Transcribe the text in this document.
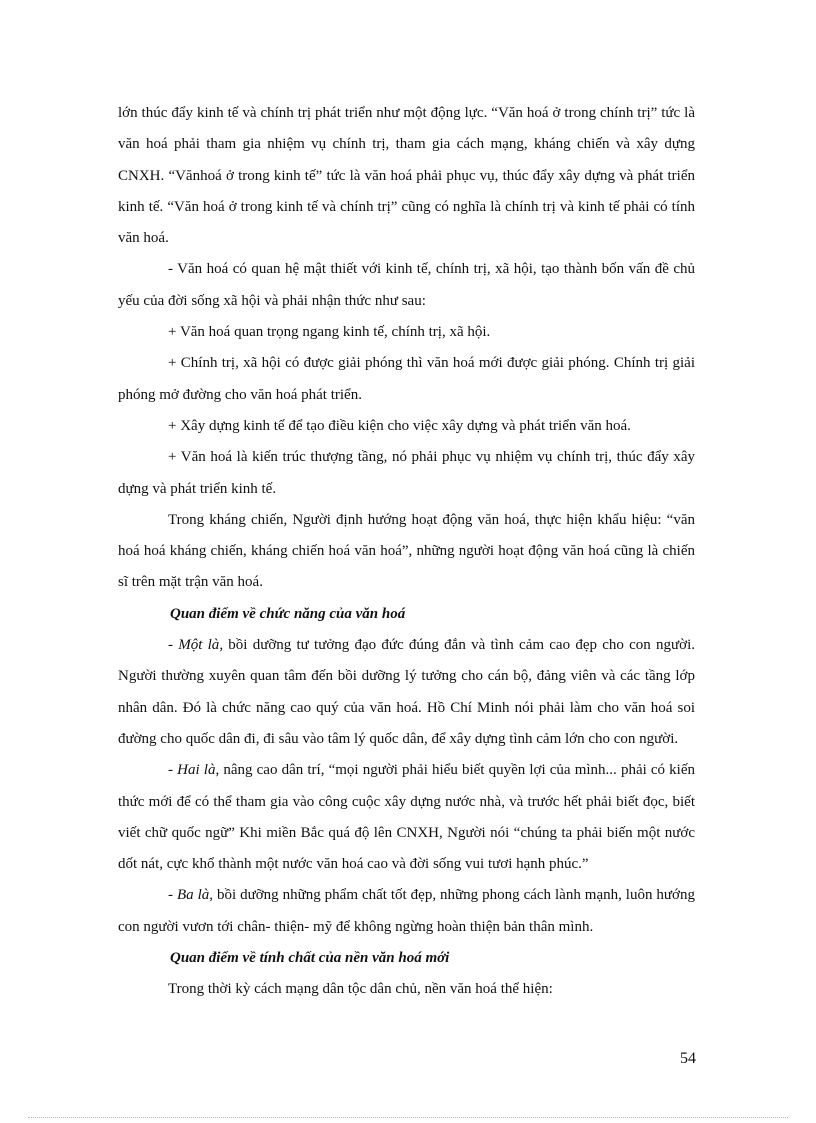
lớn thúc đẩy kinh tế và chính trị phát triển như một động lực. “Văn hoá ở trong chính trị” tức là văn hoá phải tham gia nhiệm vụ chính trị, tham gia cách mạng, kháng chiến và xây dựng CNXH. “Vănhoá ở trong kinh tế” tức là văn hoá phải phục vụ, thúc đẩy xây dựng và phát triển kinh tế. “Văn hoá ở trong kinh tế và chính trị” cũng có nghĩa là chính trị và kinh tế phải có tính văn hoá.

- Văn hoá có quan hệ mật thiết với kinh tế, chính trị, xã hội, tạo thành bốn vấn đề chủ yếu của đời sống xã hội và phải nhận thức như sau:

+ Văn hoá quan trọng ngang kinh tế, chính trị, xã hội.

+ Chính trị, xã hội có được giải phóng thì văn hoá mới được giải phóng. Chính trị giải phóng mở đường cho văn hoá phát triển.

+ Xây dựng kinh tế để tạo điều kiện cho việc xây dựng và phát triển văn hoá.

+ Văn hoá là kiến trúc thượng tầng, nó phải phục vụ nhiệm vụ chính trị, thúc đẩy xây dựng và phát triển kinh tế.

Trong kháng chiến, Người định hướng hoạt động văn hoá, thực hiện khẩu hiệu: “văn hoá hoá kháng chiến, kháng chiến hoá văn hoá”, những người hoạt động văn hoá cũng là chiến sĩ trên mặt trận văn hoá.

Quan điểm về chức năng của văn hoá

- Một là, bồi dưỡng tư tưởng đạo đức đúng đắn và tình cảm cao đẹp cho con người. Người thường xuyên quan tâm đến bồi dưỡng lý tưởng cho cán bộ, đảng viên và các tầng lớp nhân dân. Đó là chức năng cao quý của văn hoá. Hồ Chí Minh nói phải làm cho văn hoá soi đường cho quốc dân đi, đi sâu vào tâm lý quốc dân, để xây dựng tình cảm lớn cho con người.

- Hai là, nâng cao dân trí, “mọi người phải hiểu biết quyền lợi của mình... phải có kiến thức mới để có thể tham gia vào công cuộc xây dựng nước nhà, và trước hết phải biết đọc, biết viết chữ quốc ngữ” Khi miền Bắc quá độ lên CNXH, Người nói “chúng ta phải biến một nước dốt nát, cực khổ thành một nước văn hoá cao và đời sống vui tươi hạnh phúc.”

- Ba là, bồi dưỡng những phẩm chất tốt đẹp, những phong cách lành mạnh, luôn hướng con người vươn tới chân- thiện- mỹ để không ngừng hoàn thiện bản thân mình.

Quan điểm về tính chất của nền văn hoá mới

Trong thời kỳ cách mạng dân tộc dân chủ, nền văn hoá thể hiện:

54
